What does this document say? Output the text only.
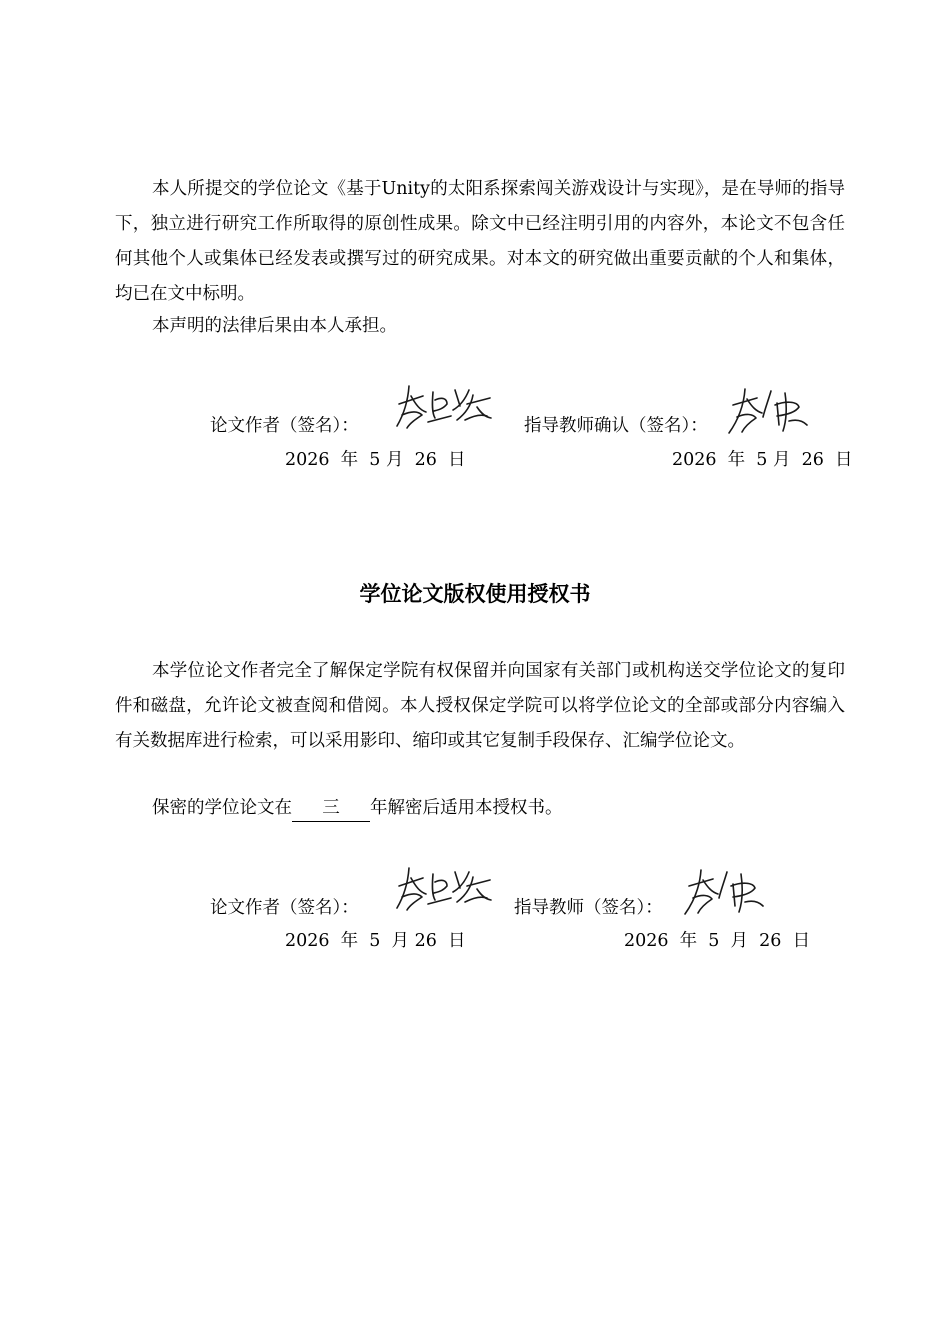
本人所提交的学位论文《基于Unity的太阳系探索闯关游戏设计与实现》，是在导师的指导下，独立进行研究工作所取得的原创性成果。除文中已经注明引用的内容外，本论文不包含任何其他个人或集体已经发表或撰写过的研究成果。对本文的研究做出重要贡献的个人和集体，均已在文中标明。

本声明的法律后果由本人承担。

论文作者（签名）：	指导教师确认（签名）：
2026  年  5 月  26  日	2026  年  5 月  26  日
学位论文版权使用授权书

本学位论文作者完全了解保定学院有权保留并向国家有关部门或机构送交学位论文的复印件和磁盘，允许论文被查阅和借阅。本人授权保定学院可以将学位论文的全部或部分内容编入有关数据库进行检索，可以采用影印、缩印或其它复制手段保存、汇编学位论文。

保密的学位论文在 三 年解密后适用本授权书。

论文作者（签名）：	指导教师（签名）：
2026  年  5  月 26  日	2026  年  5  月  26  日
